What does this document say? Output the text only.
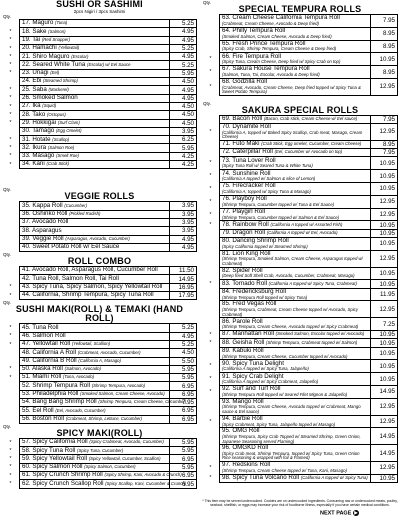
SUSHI OR SASHIMI
2pcs Nigiri / 3pcs Sashimi
Qty.
	17. Maguro (Tuna)	5.25
*	18. Sake (Salmon)	4.95
*	19. Tai (Red Snapper)	4.95
*	20. Hamachi (Yellowtail)	5.25
*	21. Shiro Maguro (Escolar)	4.95
*	22. Seared White Tuna (Escolar) w/ Eel Sauce	5.25
*	23. Unagi (Eel)	5.95
	24. Ebi (Steamed Shrimp)	4.50
*	25. Saba (Mackerel)	4.95
*	26. Smoked Salmon	4.95
*	27. Ika (Squid)	4.50
*	28. Tako (Octopus)	4.50
*	29. Hokkigai (Surf Clam)	4.50
	30. Tamago (Egg Omelet)	3.95
*	31. Hotate (Scallop)	6.25
*	32. Ikura (Salmon Roe)	5.95
*	33. Masago (Smelt Roe)	4.25
*	34. Kani (Crab Stick)	4.25
Qty.
VEGGIE ROLLS
	35. Kappa Roll (Cucumber)	3.95
	36. Oshinko Roll (Pickled Radish)	3.95
	37. Avocado Roll	3.95
	38. Asparagus	3.95
	39. Veggie Roll (Asparagus, Avocado, Cucumber)	4.95
	40. Sweet Potato Roll w/ Eel Sauce	4.95
Qty.
ROLL COMBO
	41. Avocado Roll, Asparagus Roll, Cucumber Roll	11.50
	42. Tuna Roll, Salmon Roll, Tai Roll	14.95
*	43. Spicy Tuna, Spicy Salmon, Spicy Yellowtail Roll	16.95
*	44. California, Shrimp Tempura, Spicy Tuna Roll	17.95
Qty.
SUSHI MAKI(ROLL) & TEMAKI (HAND ROLL)
*	45. Tuna Roll	5.25
*	46. Salmon Roll	4.95
*	47. Yellowtail Roll (Yellowtail, Scallion)	5.25
	48. California A Roll (Crabmeat, Avocado, Cucumber)	4.50
	49. California B Roll (California A, Masago)	5.50
*	50. Alaska Roll (Salmon, Avocado)	5.95
*	51. Miami Roll (Tuna, Avocado)	5.95
	52. Shrimp Tempura Roll (Shrimp Tempura, Avocado)	6.95
	53. Philadelphia Roll (Smoked Salmon, Cream Cheese, Avocado)	6.95
	54. Bang Bang Shrimp Roll (Shrimp Tempura, Cream Cheese, Cucumber)	7.95
	55. Eel Roll (Eel, Avocado, Cucumber)	6.95
	56. Boston Roll (Crabmeat, Shrimp, Lettuce, Cucumber)	6.95
Qty.
SPICY MAKI(ROLL)
*	57. Spicy California Roll (Spicy Crabmeat, Avocado, Cucumber)	5.95
*	58. Spicy Tuna Roll (Spicy Tuna, Cucumber)	5.95
*	59. Spicy Yellowtail Roll (Spicy Yellowtail, Cucumber, Scallion)	6.95
*	60. Spicy Salmon Roll (Spicy Salmon, Cucumber)	5.95
*	61. Spicy Crunch Shrimp Roll (Spicy Shrimp, Kani, Avocado & Crunch)	6.95
*	62. Spicy Crunch Scallop Roll (Spicy Scallop, Kani, Cucumber & Crunch)	6.95
Qty.
SPECIAL TEMPURA ROLLS
	63. Cream Cheese California Tempura Roll
(Crabmeat, Cream Cheese, Avocado & Deep fried)	7.95
	64. Philly Tempura Roll
(Smoked Salmon, Cream Cheese, Avocado & Deep fried)	8.95
	65. Fresh Prince Tempura Roll
(Spicy Crab, Shrimp Tempura, Cream Cheese & Deep fried)	8.95
*	66. Fire Tempura Roll
(Spicy Tuna, Cream Cheese, Deep fried w/ Spicy Crab on top)	10.95
*	67. Sakura House Tempura Roll
(Salmon, Tuna, Tai, Escolar, Avocado & Deep fried)	8.95
*	68. Godzilla Roll
(Crabmeat, Avocado, Cream Cheese, Deep fried topped w/ Spicy Tuna & Sweet Potato Tempura)	12.95
Qty.
SAKURA SPECIAL ROLLS
	69. Bacon Roll (Bacon, Crab stick, Cream Cheese w/ Eel sauce)	7.95
*	70. Dynamite Roll
(California A, topped w/ Baked Spicy Scallop, Crab meat, Masago, Cream Cheese)	12.95
	71. Futo Maki (Crab Stick, Egg omelet, Cucumber, Cream Cheese)	8.95
	72. Caterpillar Roll (Eel, Cucumber w/ Avocado on top)	7.95
*	73. Tuna Lover Roll
(Spicy Tuna Roll w/ Seared Tuna & White Tuna)	10.95
*	74. Sunshine Roll
(California A topped w/ Salmon & slice of Lemon)	10.95
*	75. Firecracker Roll
(California A, topped w/ Spicy Tuna & Masago)	10.95
*	76. Playboy Roll
(Shrimp Tempura, Cucumber topped w/ Tuna & Eel Sauce)	12.95
*	77. Playgirl Roll
(Shrimp Tempura, Cucumber topped w/ Salmon & Eel Sauce)	12.95
*	78. Rainbow Roll (California A topped w/ Assorted Fish)	10.95
	79. Dragon Roll (California A topped w/ Eel, Avocado)	10.95
	80. Dancing Shrimp Roll
(Spicy California topped w/ Steamed Shrimp)	10.95
	81. Lion King Roll
(Shrimp Tempura, Smoked Salmon, Cream Cheese, Asparagus topped w/ Crabmeat)	12.95
	82. Spider Roll
(Deep fried Soft Shell Crab, Avocado, Cucumber, Crabmeat, Masago)	10.95
*	83. Tornado Roll (California A topped w/ Spicy Tuna, Crabmeat)	10.95
	84. Fredericksburg Roll
(Shrimp Tempura Roll topped w/ Spicy Tuna)	11.95
	85. Fred Vegas Roll
(Shrimp Tempura, Crabmeat, Cream Cheese topped w/ Avocado, Spicy Crabmeat)	12.95
	86. Parole Roll
(Shrimp Tempura, Cream Cheese, Avocado topped w/ Spicy Crabmeat)	7.25
*	87. Manhattan Roll (Smoked Salmon, Escolar topped w/ Avocado)	10.95
*	88. Geisha Roll (Shrimp Tempura, Crabmeat topped w/ Salmon)	10.95
	89. Kabuki Roll
(Shrimp Tempura, Cream Cheese, Cucumber topped w/ Avocado)	10.95
*	90. Spicy Tuna Delight
(California A topped w/ Spicy Tuna, Jalapeño)	10.95
*	91. Spicy Crab Delight
(California A topped w/ Spicy Crabmeat, Jalapeño)	10.95
*	92. Surf and Turf Roll
(Shrimp Tempura Roll topped w/ Seared Filet Mignon & Jalapeño)	14.95
	93. Mango Roll
(Shrimp Tempura, Cream Cheese, Avocado topped w/ Crabmeat, Mango sauce & Eel sauce)	12.95
*	94. Barbie Roll
(Spicy Crabmeat, Spicy Tuna, Jalapeño topped w/ Masago)	12.95
	95. OMG Roll
(Shrimp Tempura, Spicy Crab Topped w/ Steamed Shrimp, Green Onion, Japanese Seasoning served Flaming)	14.95
	96. OMGKD Roll
(Spicy Crab meat, Shrimp Tempura, topped w/ Spicy Tuna, Green Onion Rice seasoning & wrapped with foil & Flamed)	14.95
*	97. Redskins Roll
(Shrimp Tempura, Cream Cheese topped w/ Tuna, Kani, Masago)	12.95
*	98. Spicy Tuna Volcano Roll (California A topped w/ Spicy Tuna)	10.95
* This item may be served undercooked. Cookies are on undercooked ingredients. Consuming raw or undercooked meats, poultry, seafood, shellfish, or eggs may increase your risk of foodborne illness, especially if you have certain medical conditions.
NEXT PAGE ▶
